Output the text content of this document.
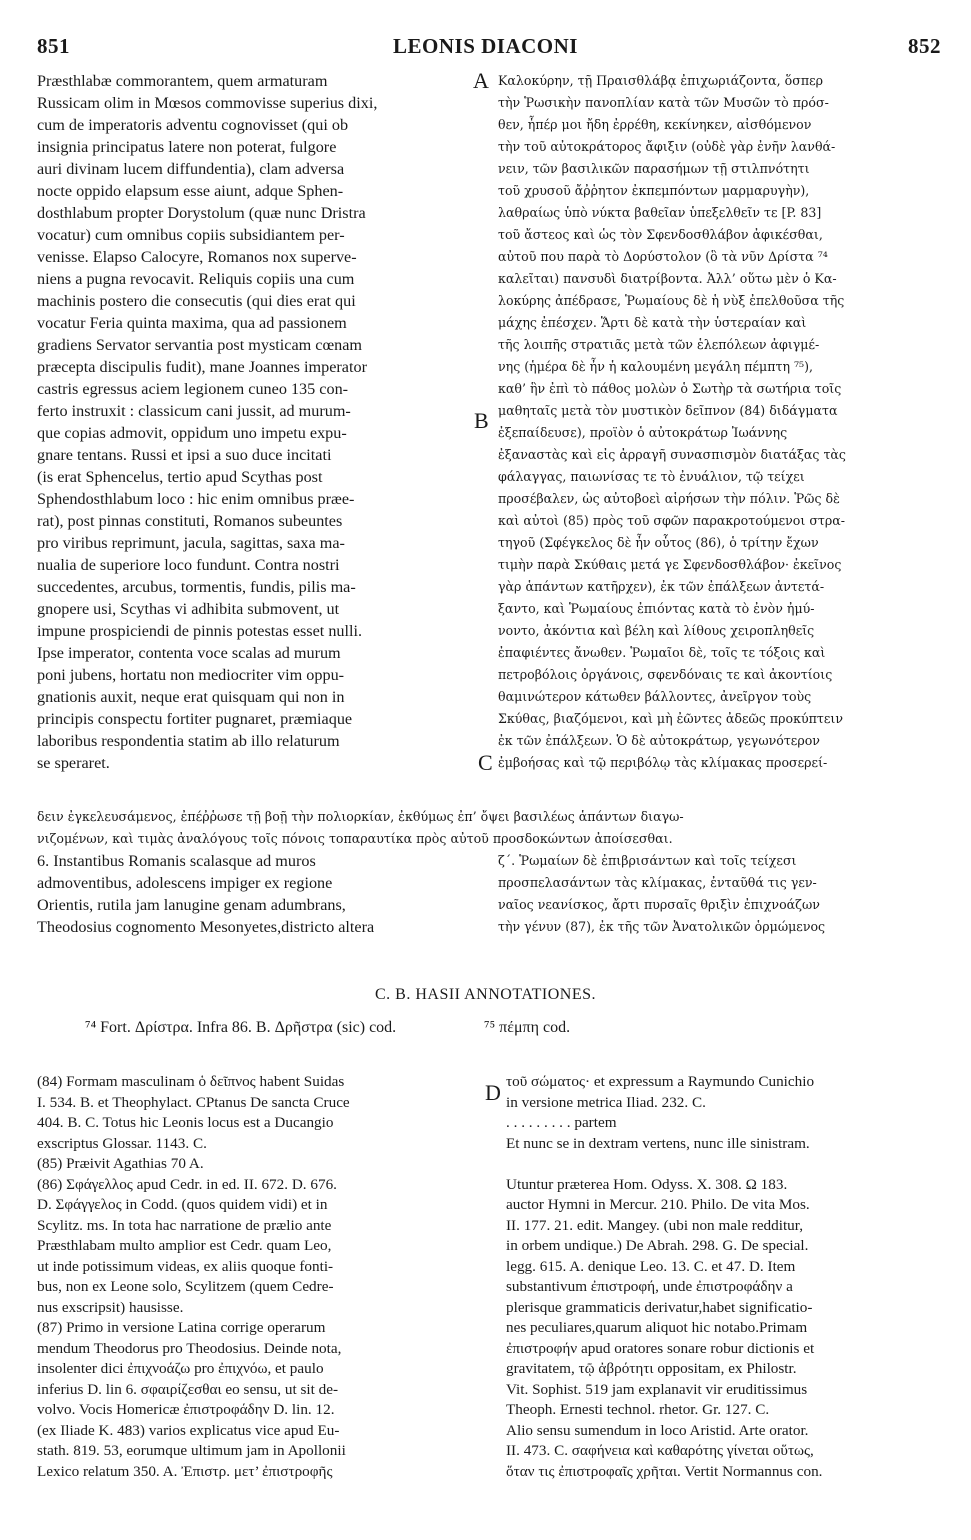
851	LEONIS DIACONI	852
Præsthlabæ commorantem, quem armaturam
Russicam olim in Mœsos commovisse superius dixi,
cum de imperatoris adventu cognovisset (qui ob
insignia principatus latere non poterat, fulgore
auri divinam lucem diffundentia), clam adversa
nocte oppido elapsum esse aiunt, adque Sphen-
dosthlabum propter Dorystolum (quæ nunc Dristra
vocatur) cum omnibus copiis subsidiantem per-
venisse. Elapso Calocyre, Romanos nox superve-
niens a pugna revocavit. Reliquis copiis una cum
machinis postero die consecutis (qui dies erat qui
vocatur Feria quinta maxima, qua ad passionem
gradiens Servator servantia post mysticam cœnam
præcepta discipulis fudit), mane Joannes imperator
castris egressus aciem legionem cuneo 135 con-
ferto instruxit : classicum cani jussit, ad murum-
que copias admovit, oppidum uno impetu expu-
gnare tentans. Russi et ipsi a suo duce incitati
(is erat Sphencelus, tertio apud Scythas post
Sphendosthlabum loco : hic enim omnibus præe-
rat), post pinnas constituti, Romanos subeuntes
pro viribus reprimunt, jacula, sagittas, saxa ma-
nualia de superiore loco fundunt. Contra nostri
succedentes, arcubus, tormentis, fundis, pilis ma-
gnopere usi, Scythas vi adhibita submovent, ut
impune prospiciendi de pinnis potestas esset nulli.
Ipse imperator, contenta voce scalas ad murum
poni jubens, hortatu non mediocriter vim oppu-
gnationis auxit, neque erat quisquam qui non in
principis conspectu fortiter pugnaret, præmiaque
laboribus respondentia statim ab illo relaturum
se speraret.
Καλοκύρην, τῇ Πραισθλάβᾳ ἐπιχωριάζοντα, ὅσπερ
τὴν Ῥωσικὴν πανοπλίαν κατὰ τῶν Μυσῶν τὸ πρόσ-
θεν, ἧπέρ μοι ἤδη ἐρρέθη, κεκίνηκεν, αἰσθόμενον
τὴν τοῦ αὐτοκράτορος ἄφιξιν (οὐδὲ γὰρ ἐνῆν λανθά-
νειν, τῶν βασιλικῶν παρασήμων τῇ στιλπνότητι
τοῦ χρυσοῦ ἄῤῥητον ἐκπεμπόντων μαρμαρυγὴν),
λαθραίως ὑπὸ νύκτα βαθεῖαν ὑπεξελθεῖν τε [P. 83]
τοῦ ἄστεος καὶ ὡς τὸν Σφενδοσθλάβον ἀφικέσθαι,
αὐτοῦ που παρὰ τὸ Δορύστολον (ὃ τὰ νῦν Δρίστα ⁷⁴
καλεῖται) πανσυδὶ διατρίβοντα. Ἀλλ’ οὕτω μὲν ὁ Κα-
λοκύρης ἀπέδρασε, Ῥωμαίους δὲ ἡ νὺξ ἐπελθοῦσα τῆς
μάχης ἐπέσχεν. Ἅρτι δὲ κατὰ τὴν ὑστεραίαν καὶ
τῆς λοιπῆς στρατιᾶς μετὰ τῶν ἑλεπόλεων ἀφιγμέ-
νης (ἡμέρα δὲ ἦν ἡ καλουμένη μεγάλη πέμπτη ⁷⁵),
καθ’ ἣν ἐπὶ τὸ πάθος μολὼν ὁ Σωτὴρ τὰ σωτήρια τοῖς
μαθηταῖς μετὰ τὸν μυστικὸν δεῖπνον (84) διδάγματα
ἐξεπαίδευσε), προϊὸν ὁ αὐτοκράτωρ Ἰωάννης
ἐξαναστὰς καὶ εἰς ἀρραγῆ συνασπισμὸν διατάξας τὰς
φάλαγγας, παιωνίσας τε τὸ ἐνυάλιον, τῷ τείχει
προσέβαλεν, ὡς αὐτοβοεὶ αἱρήσων τὴν πόλιν. Ῥῶς δὲ
καὶ αὐτοὶ (85) πρὸς τοῦ σφῶν παρακροτούμενοι στρα-
τηγοῦ (Σφέγκελος δὲ ἦν οὗτος (86), ὁ τρίτην ἔχων
τιμὴν παρὰ Σκύθαις μετά γε Σφενδοσθλάβον· ἐκεῖνος
γὰρ ἁπάντων κατῆρχεν), ἐκ τῶν ἐπάλξεων ἀντετά-
ξαντο, καὶ Ῥωμαίους ἐπιόντας κατὰ τὸ ἐνὸν ἠμύ-
νοντο, ἀκόντια καὶ βέλη καὶ λίθους χειροπληθεῖς
ἐπαφιέντες ἄνωθεν. Ῥωμαῖοι δὲ, τοῖς τε τόξοις καὶ
πετροβόλοις ὀργάνοις, σφενδόναις τε καὶ ἀκοντίοις
θαμινώτερον κάτωθεν βάλλοντες, ἀνεῖργον τοὺς
Σκύθας, βιαζόμενοι, καὶ μὴ ἐῶντες ἀδεῶς προκύπτειν
ἐκ τῶν ἐπάλξεων. Ὁ δὲ αὐτοκράτωρ, γεγωνότερον
ἐμβοήσας καὶ τῷ περιβόλῳ τὰς κλίμακας προσερεί-
A
B
C
δειν ἐγκελευσάμενος, ἐπέῤῥωσε τῇ βοῇ τὴν πολιορκίαν, ἐκθύμως ἐπ’ ὄψει βασιλέως ἁπάντων διαγω-
νιζομένων, καὶ τιμὰς ἀναλόγους τοῖς πόνοις τοπαραυτίκα πρὸς αὐτοῦ προσδοκώντων ἀποίσεσθαι.
6. Instantibus Romanis scalasque ad muros
admoventibus, adolescens impiger ex regione
Orientis, rutila jam lanugine genam adumbrans,
Theodosius cognomento Mesonyetes,districto altera
ζ΄. Ῥωμαίων δὲ ἐπιβρισάντων καὶ τοῖς τείχεσι
προσπελασάντων τὰς κλίμακας, ἐνταῦθά τις γεν-
ναῖος νεανίσκος, ἄρτι πυρσαῖς θριξὶν ἐπιχνοάζων
τὴν γένυν (87), ἐκ τῆς τῶν Ἀνατολικῶν ὁρμώμενος
C. B. HASII ANNOTATIONES.
⁷⁴ Fort. Δρίστρα. Infra 86. B. Δρῆστρα (sic) cod.	⁷⁵ πέμπη cod.
(84) Formam masculinam ὁ δεῖπνος habent Suidas
I. 534. B. et Theophylact. CPtanus De sancta Cruce
404. B. C. Totus hic Leonis locus est a Ducangio
exscriptus Glossar. 1143. C.
(85) Præivit Agathias 70 A.
(86) Σφάγελλος apud Cedr. in ed. II. 672. D. 676.
D. Σφάγγελος in Codd. (quos quidem vidi) et in
Scylitz. ms. In tota hac narratione de prælio ante
Præsthlabam multo amplior est Cedr. quam Leo,
ut inde potissimum videas, ex aliis quoque fonti-
bus, non ex Leone solo, Scylitzem (quem Cedre-
nus exscripsit) hausisse.
(87) Primo in versione Latina corrige operarum
mendum Theodorus pro Theodosius. Deinde nota,
insolenter dici ἐπιχνοάζω pro ἐπιχνόω, et paulo
inferius D. lin 6. σφαιρίζεσθαι eo sensu, ut sit de-
volvo. Vocis Homericæ ἐπιστροφάδην D. lin. 12.
(ex Iliade K. 483) varios explicatus vice apud Eu-
stath. 819. 53, eorumque ultimum jam in Apollonii
Lexico relatum 350. A. Ἐπιστρ. μετ’ ἐπιστροφῆς
τοῦ σώματος· et expressum a Raymundo Cunichio
in versione metrica Iliad. 232. C.
. . . . . . . . . partem
Et nunc se in dextram vertens, nunc ille sinistram.

Utuntur præterea Hom. Odyss. X. 308. Ω 183.
auctor Hymni in Mercur. 210. Philo. De vita Mos.
II. 177. 21. edit. Mangey. (ubi non male redditur,
in orbem undique.) De Abrah. 298. G. De special.
legg. 615. A. denique Leo. 13. C. et 47. D. Item
substantivum ἐπιστροφή, unde ἐπιστροφάδην a
plerisque grammaticis derivatur,habet significatio-
nes peculiares,quarum aliquot hic notabo.Primam
ἐπιστροφήν apud oratores sonare robur dictionis et
gravitatem, τῷ ἀβρότητι oppositam, ex Philostr.
Vit. Sophist. 519 jam explanavit vir eruditissimus
Theoph. Ernesti technol. rhetor. Gr. 127. C.
Alio sensu sumendum in loco Aristid. Arte orator.
II. 473. C. σαφήνεια καὶ καθαρότης γίνεται οὕτως,
ὅταν τις ἐπιστροφαῖς χρῆται. Vertit Normannus con.
D
